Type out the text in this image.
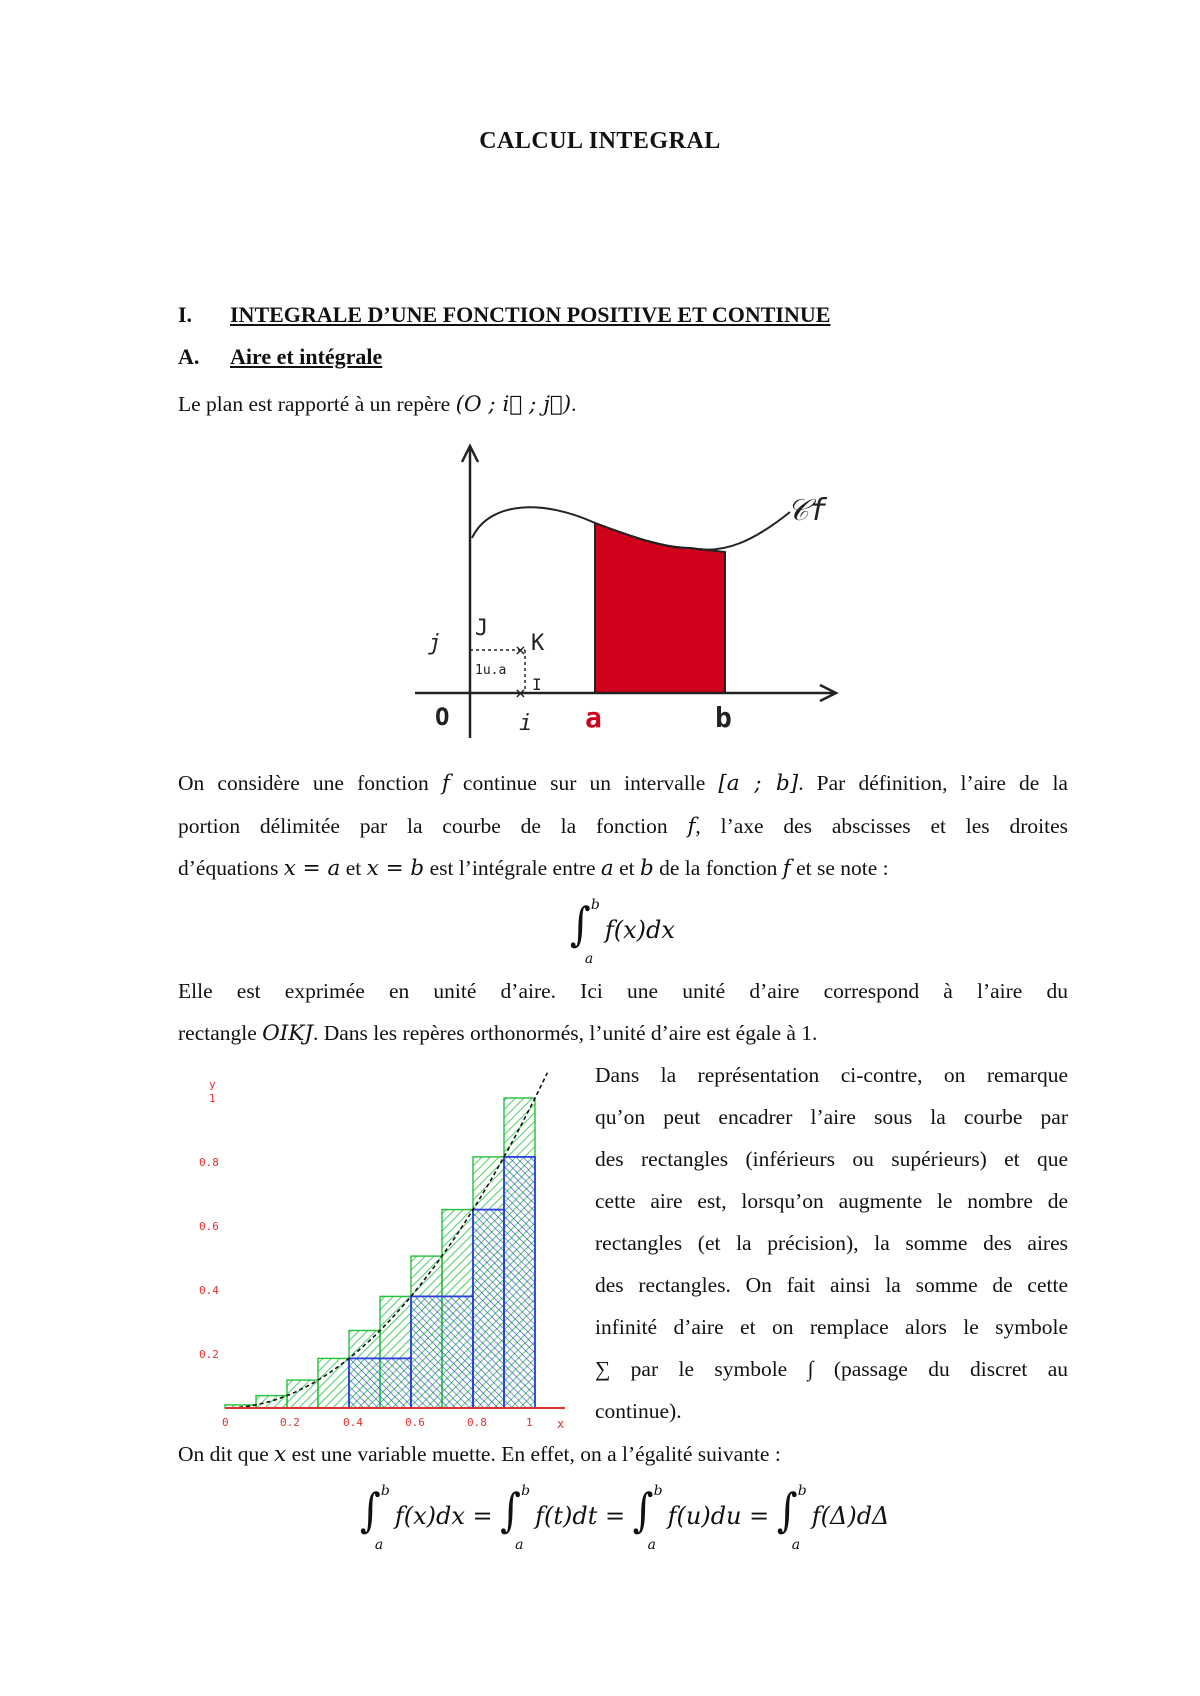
CALCUL INTEGRAL
I. INTEGRALE D’UNE FONCTION POSITIVE ET CONTINUE
A. Aire et intégrale
Le plan est rapporté à un repère (O ; i⃗ ; j⃗).
𝒞f
×
×
J
K
I
1u.a
j
i
O	a	b
On considère une fonction f continue sur un intervalle [a ; b]. Par définition, l’aire de la
portion délimitée par la courbe de la fonction f, l’axe des abscisses et les droites
d’équations x = a et x = b est l’intégrale entre a et b de la fonction f et se note :
∫ b
a
f(x)dx
Elle est exprimée en unité d’aire. Ici une unité d’aire correspond à l’aire du
rectangle OIKJ. Dans les repères orthonormés, l’unité d’aire est égale à 1.
y
x
1
0.8
0.6
0.4
0.2
0	0.2	0.4	0.6	0.8	1
Dans la représentation ci-contre, on remarque
qu’on peut encadrer l’aire sous la courbe par
des rectangles (inférieurs ou supérieurs) et que
cette aire est, lorsqu’on augmente le nombre de
rectangles (et la précision), la somme des aires
des rectangles. On fait ainsi la somme de cette
infinité d’aire et on remplace alors le symbole
∑ par le symbole ∫ (passage du discret au
continue).
On dit que x est une variable muette. En effet, on a l’égalité suivante :
∫ b
a
f(x)dx = ∫ b
a
f(t)dt = ∫ b
a
f(u)du = ∫ b
a
f(Δ)dΔ
